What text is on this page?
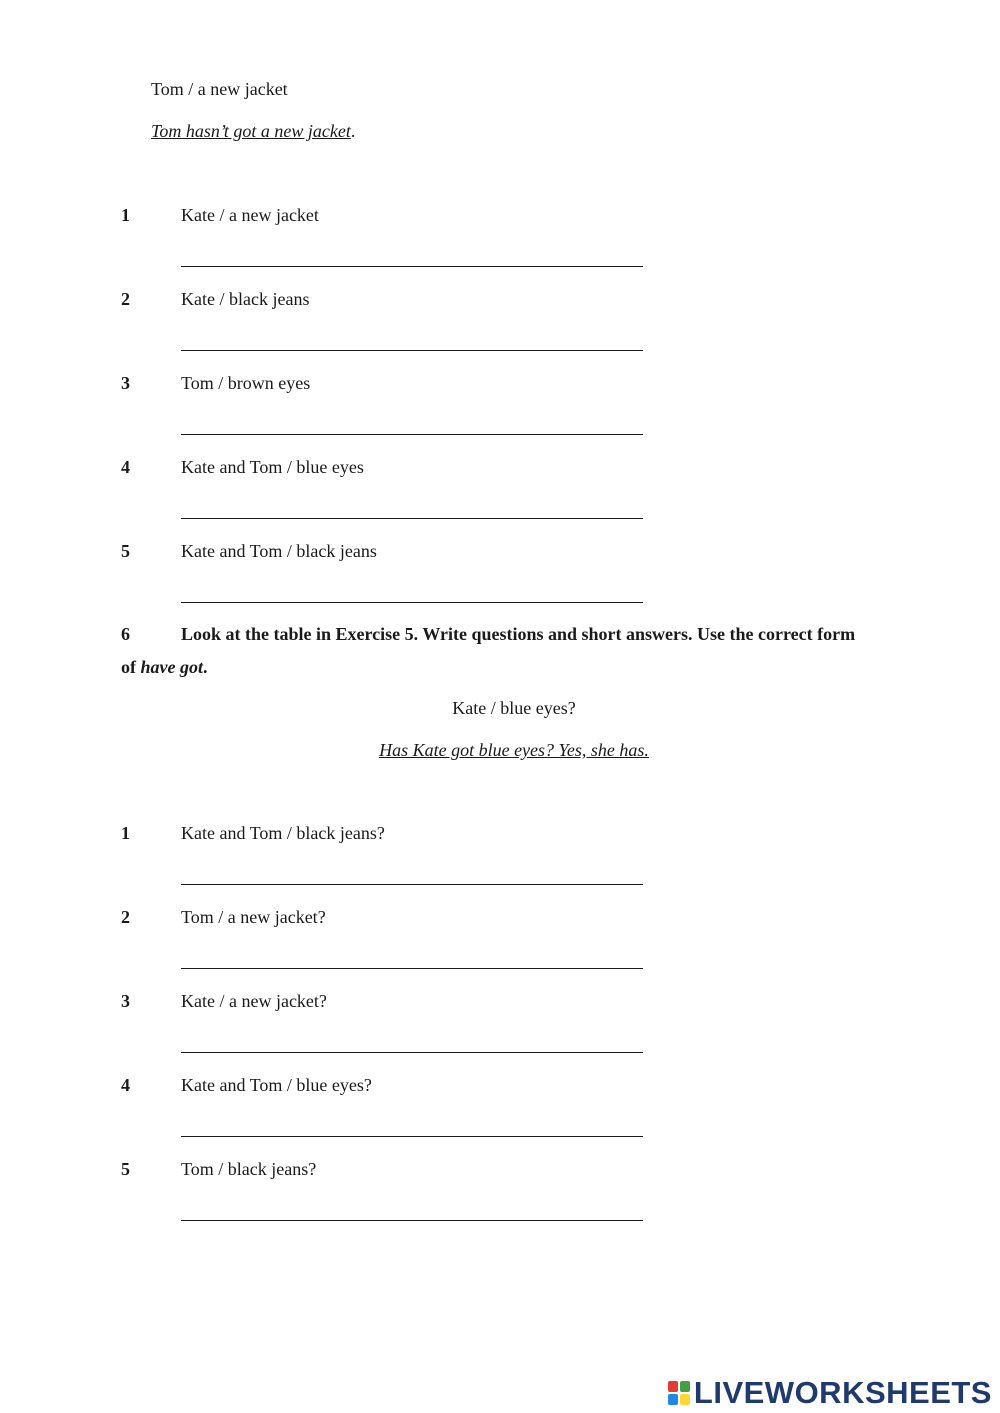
Tom / a new jacket
Tom hasn’t got a new jacket.
1	Kate / a new jacket
2	Kate / black jeans
3	Tom / brown eyes
4	Kate and Tom / blue eyes
5	Kate and Tom / black jeans
6	Look at the table in Exercise 5. Write questions and short answers. Use the correct form
of have got.
Kate / blue eyes?
Has Kate got blue eyes? Yes, she has.
1	Kate and Tom / black jeans?
2	Tom / a new jacket?
3	Kate / a new jacket?
4	Kate and Tom / blue eyes?
5	Tom / black jeans?
LIVEWORKSHEETS
